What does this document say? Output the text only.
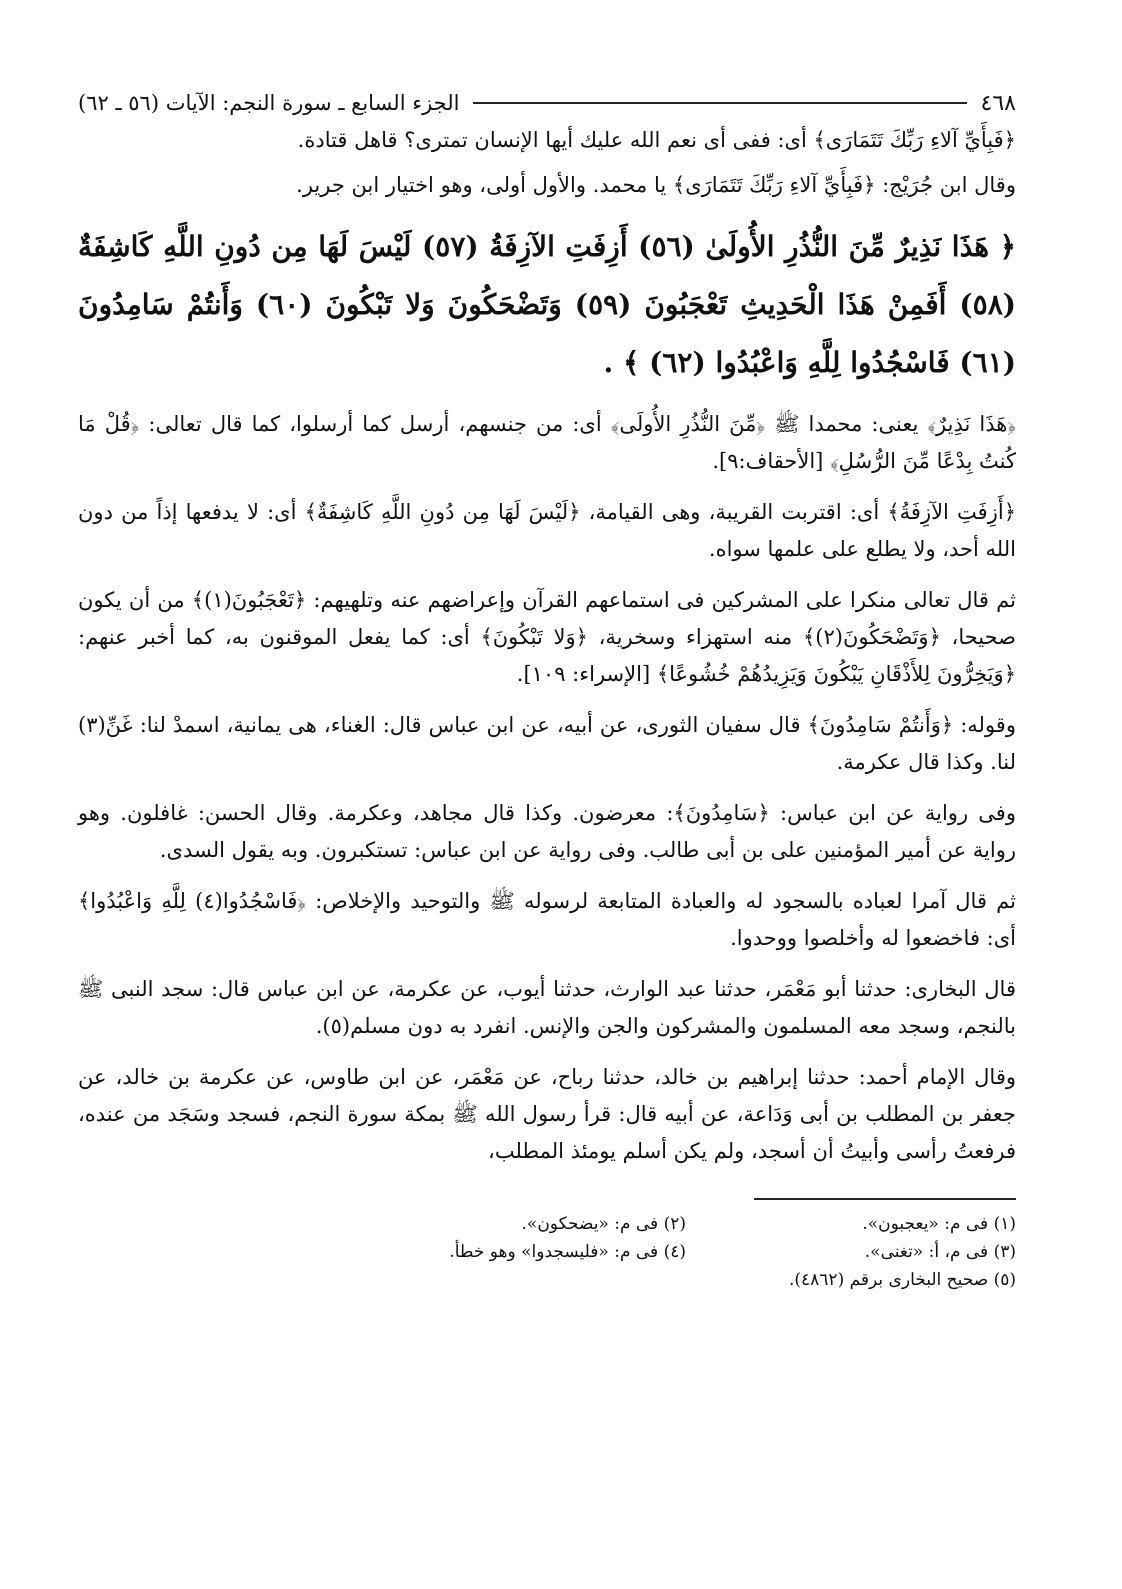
٤٦٨
الجزء السابع ـ سورة النجم: الآيات (٥٦ ـ ٦٢)

﴿فَبِأَيِّ آلاءِ رَبِّكَ تَتَمَارَى﴾ أى: ففى أى نعم الله عليك أيها الإنسان تمترى؟ قاهل قتادة.

وقال ابن جُرَيْج: ﴿فَبِأَيِّ آلاءِ رَبِّكَ تَتَمَارَى﴾ يا محمد. والأول أولى، وهو اختيار ابن جرير.

﴿ هَذَا نَذِيرٌ مِّنَ النُّذُرِ الأُولَىٰ (٥٦) أَزِفَتِ الآزِفَةُ (٥٧) لَيْسَ لَهَا مِن دُونِ اللَّهِ كَاشِفَةٌ (٥٨) أَفَمِنْ هَذَا الْحَدِيثِ تَعْجَبُونَ (٥٩) وَتَضْحَكُونَ وَلا تَبْكُونَ (٦٠) وَأَنتُمْ سَامِدُونَ (٦١) فَاسْجُدُوا لِلَّهِ وَاعْبُدُوا (٦٢) ﴾ .

﴿هَذَا نَذِيرٌ﴾ يعنى: محمدا ﷺ ﴿مِّنَ النُّذُرِ الأُولَى﴾ أى: من جنسهم، أرسل كما أرسلوا، كما قال تعالى: ﴿قُلْ مَا كُنتُ بِدْعًا مِّنَ الرُّسُلِ﴾ [الأحقاف:٩].

﴿أَزِفَتِ الآزِفَةُ﴾ أى: اقتربت القريبة، وهى القيامة، ﴿لَيْسَ لَهَا مِن دُونِ اللَّهِ كَاشِفَةٌ﴾ أى: لا يدفعها إذاً من دون الله أحد، ولا يطلع على علمها سواه.

ثم قال تعالى منكرا على المشركين فى استماعهم القرآن وإعراضهم عنه وتلهيهم: ﴿تَعْجَبُونَ(١)﴾ من أن يكون صحيحا، ﴿وَتَضْحَكُونَ(٢)﴾ منه استهزاء وسخرية، ﴿وَلا تَبْكُونَ﴾ أى: كما يفعل الموقنون به، كما أخبر عنهم: ﴿وَيَخِرُّونَ لِلأَذْقَانِ يَبْكُونَ وَيَزِيدُهُمْ خُشُوعًا﴾ [الإسراء: ١٠٩].

وقوله: ﴿وَأَنتُمْ سَامِدُونَ﴾ قال سفيان الثورى، عن أبيه، عن ابن عباس قال: الغناء، هى يمانية، اسمدْ لنا: غَنِّ(٣) لنا. وكذا قال عكرمة.

وفى رواية عن ابن عباس: ﴿سَامِدُونَ﴾: معرضون. وكذا قال مجاهد، وعكرمة. وقال الحسن: غافلون. وهو رواية عن أمير المؤمنين على بن أبى طالب. وفى رواية عن ابن عباس: تستكبرون. وبه يقول السدى.

ثم قال آمرا لعباده بالسجود له والعبادة المتابعة لرسوله ﷺ والتوحيد والإخلاص: ﴿فَاسْجُدُوا(٤) لِلَّهِ وَاعْبُدُوا﴾ أى: فاخضعوا له وأخلصوا ووحدوا.

قال البخارى: حدثنا أبو مَعْمَر، حدثنا عبد الوارث، حدثنا أيوب، عن عكرمة، عن ابن عباس قال: سجد النبى ﷺ بالنجم، وسجد معه المسلمون والمشركون والجن والإنس. انفرد به دون مسلم(٥).

وقال الإمام أحمد: حدثنا إبراهيم بن خالد، حدثنا رباح، عن مَعْمَر، عن ابن طاوس، عن عكرمة بن خالد، عن جعفر بن المطلب بن أبى وَدَاعة، عن أبيه قال: قرأ رسول الله ﷺ بمكة سورة النجم، فسجد وسَجَد من عنده، فرفعتُ رأسى وأبيتُ أن أسجد، ولم يكن أسلم يومئذ المطلب،

(١) فى م: «يعجبون».
(٢) فى م: «يضحكون».
(٣) فى م، أ: «تغنى».
(٤) فى م: «فليسجدوا» وهو خطأ.
(٥) صحيح البخارى برقم (٤٨٦٢).
